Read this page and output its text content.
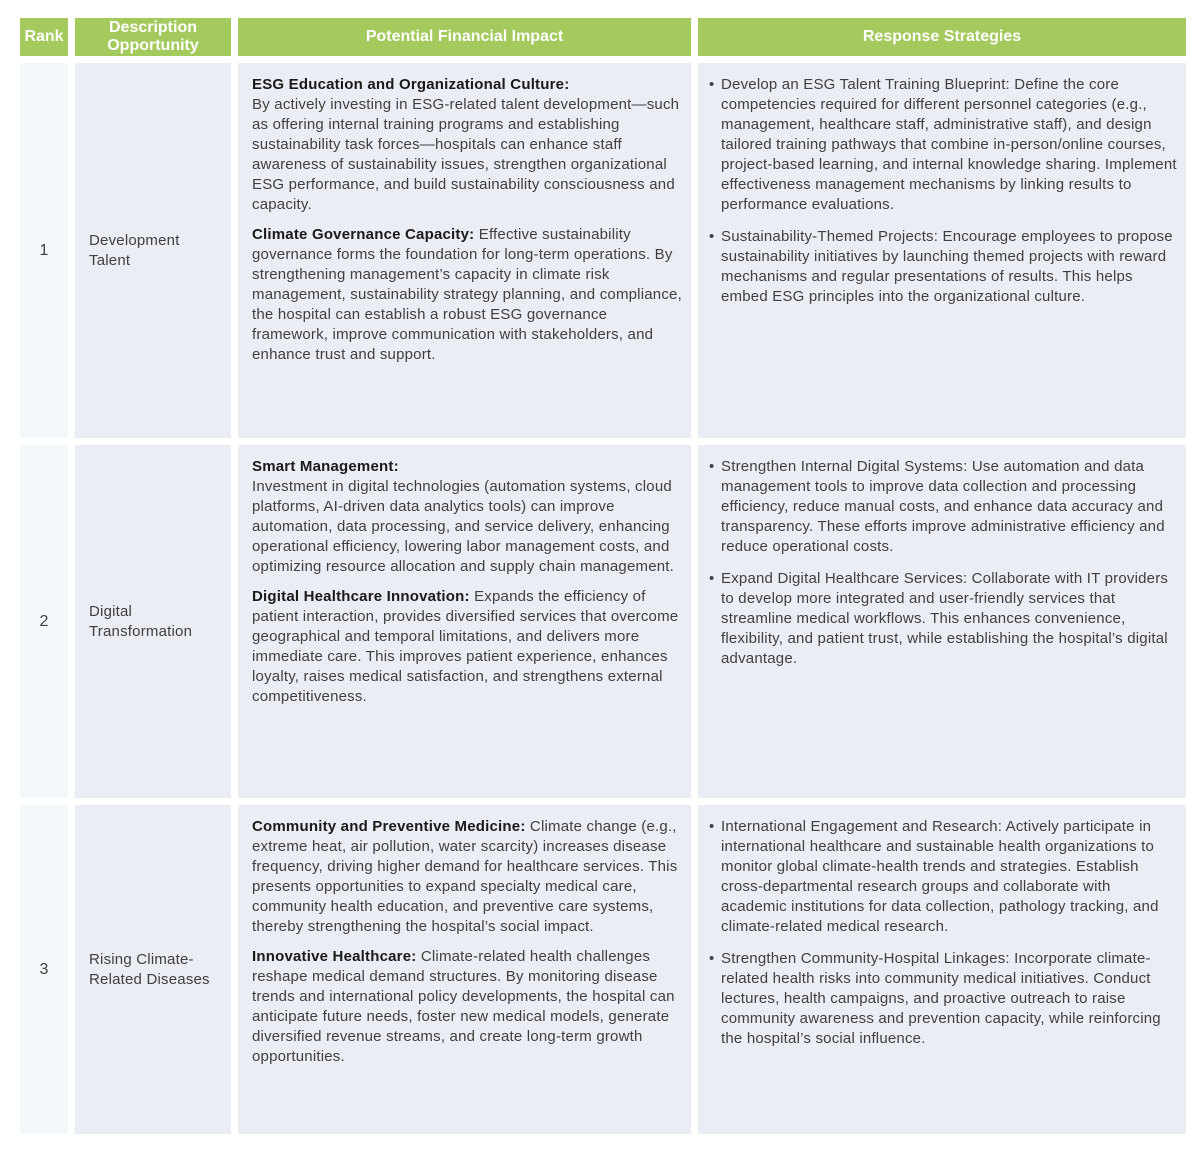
Rank
Description Opportunity
Potential Financial Impact	Response Strategies
1
Development Talent

ESG Education and Organizational Culture:
By actively investing in ESG-related talent development—such as offering internal training programs and establishing sustainability task forces—hospitals can enhance staff awareness of sustainability issues, strengthen organizational ESG performance, and build sustainability consciousness and capacity.

Climate Governance Capacity: Effective sustainability governance forms the foundation for long-term operations. By strengthening management’s capacity in climate risk management, sustainability strategy planning, and compliance, the hospital can establish a robust ESG governance framework, improve communication with stakeholders, and enhance trust and support.

• Develop an ESG Talent Training Blueprint: Define the core competencies required for different personnel categories (e.g., management, healthcare staff, administrative staff), and design tailored training pathways that combine in-person/online courses, project-based learning, and internal knowledge sharing. Implement effectiveness management mechanisms by linking results to performance evaluations.
• Sustainability-Themed Projects: Encourage employees to propose sustainability initiatives by launching themed projects with reward mechanisms and regular presentations of results. This helps embed ESG principles into the organizational culture.
2
Digital Transformation

Smart Management:
Investment in digital technologies (automation systems, cloud platforms, AI-driven data analytics tools) can improve automation, data processing, and service delivery, enhancing operational efficiency, lowering labor management costs, and optimizing resource allocation and supply chain management.

Digital Healthcare Innovation: Expands the efficiency of patient interaction, provides diversified services that overcome geographical and temporal limitations, and delivers more immediate care. This improves patient experience, enhances loyalty, raises medical satisfaction, and strengthens external competitiveness.

• Strengthen Internal Digital Systems: Use automation and data management tools to improve data collection and processing efficiency, reduce manual costs, and enhance data accuracy and transparency. These efforts improve administrative efficiency and reduce operational costs.
• Expand Digital Healthcare Services: Collaborate with IT providers to develop more integrated and user-friendly services that streamline medical workflows. This enhances convenience, flexibility, and patient trust, while establishing the hospital’s digital advantage.
3
Rising Climate-Related Diseases

Community and Preventive Medicine: Climate change (e.g., extreme heat, air pollution, water scarcity) increases disease frequency, driving higher demand for healthcare services. This presents opportunities to expand specialty medical care, community health education, and preventive care systems, thereby strengthening the hospital’s social impact.

Innovative Healthcare: Climate-related health challenges reshape medical demand structures. By monitoring disease trends and international policy developments, the hospital can anticipate future needs, foster new medical models, generate diversified revenue streams, and create long-term growth opportunities.

• International Engagement and Research: Actively participate in international healthcare and sustainable health organizations to monitor global climate-health trends and strategies. Establish cross-departmental research groups and collaborate with academic institutions for data collection, pathology tracking, and climate-related medical research.
• Strengthen Community-Hospital Linkages: Incorporate climate-related health risks into community medical initiatives. Conduct lectures, health campaigns, and proactive outreach to raise community awareness and prevention capacity, while reinforcing the hospital’s social influence.
